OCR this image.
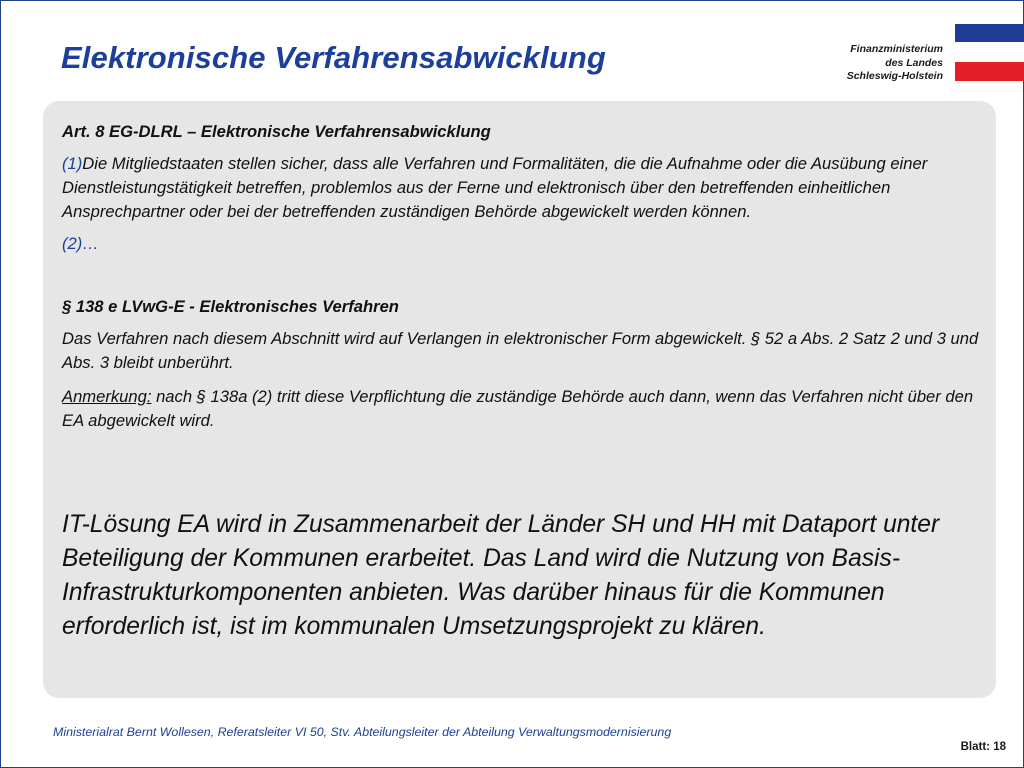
Elektronische Verfahrensabwicklung	Finanzministerium
des Landes
Schleswig-Holstein

Art. 8 EG-DLRL – Elektronische Verfahrensabwicklung

(1)Die Mitgliedstaaten stellen sicher, dass alle Verfahren und Formalitäten, die die Aufnahme oder die Ausübung einer Dienstleistungstätigkeit betreffen, problemlos aus der Ferne und elektronisch über den betreffenden einheitlichen Ansprechpartner oder bei der betreffenden zuständigen Behörde abgewickelt werden können.

(2)…

§ 138 e LVwG-E - Elektronisches Verfahren

Das Verfahren nach diesem Abschnitt wird auf Verlangen in elektronischer Form abgewickelt. § 52 a Abs. 2 Satz 2 und 3 und Abs. 3 bleibt unberührt.

Anmerkung: nach § 138a (2) tritt diese Verpflichtung die zuständige Behörde auch dann, wenn das Verfahren nicht über den EA abgewickelt wird.

IT-Lösung EA wird in Zusammenarbeit der Länder SH und HH mit Dataport unter Beteiligung der Kommunen erarbeitet. Das Land wird die Nutzung von Basis-Infrastrukturkomponenten anbieten. Was darüber hinaus für die Kommunen erforderlich ist, ist im kommunalen Umsetzungsprojekt zu klären.

Ministerialrat Bernt Wollesen, Referatsleiter VI 50, Stv. Abteilungsleiter der Abteilung Verwaltungsmodernisierung
Blatt: 18
